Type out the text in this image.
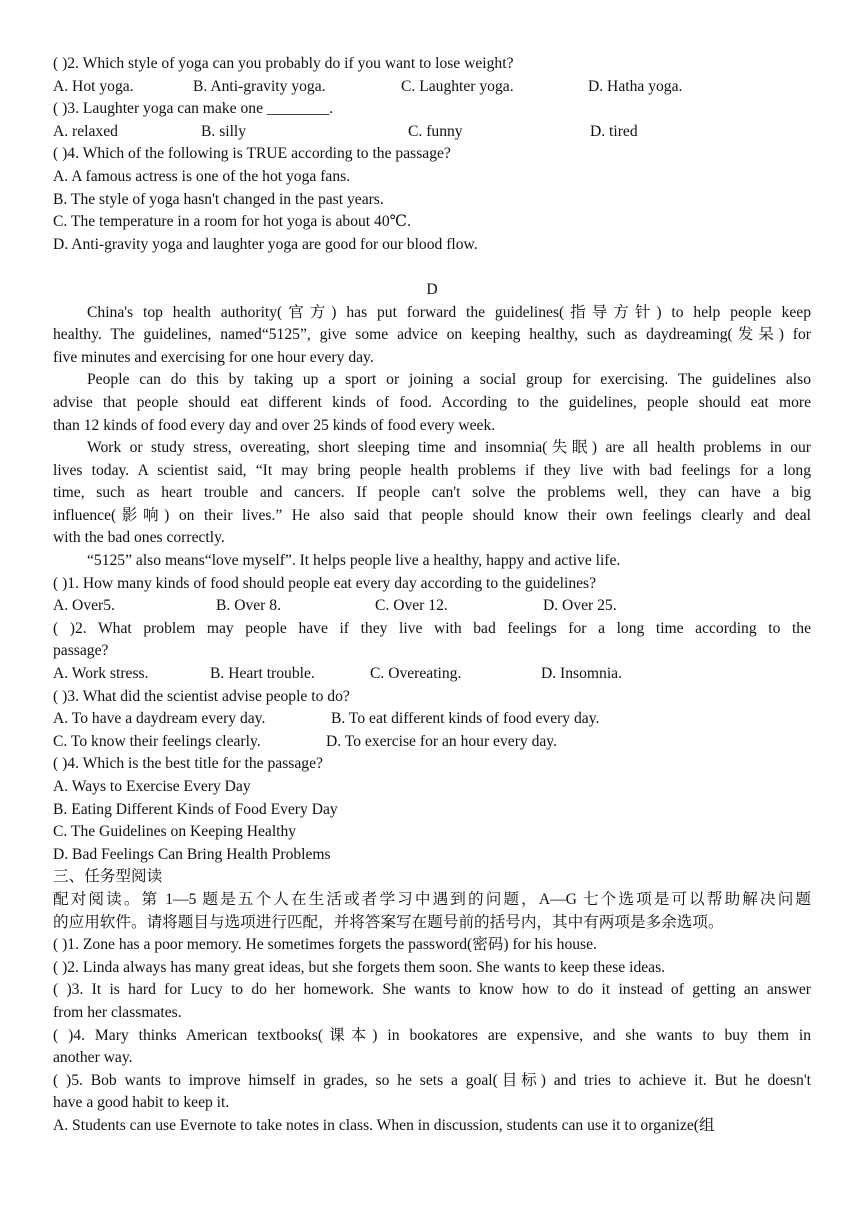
( )2. Which style of yoga can you probably do if you want to lose weight?
A. Hot yoga.	B. Anti-gravity yoga.	C. Laughter yoga.	D. Hatha yoga.
( )3. Laughter yoga can make one ________.
A. relaxed	B. silly	C. funny	D. tired
( )4. Which of the following is TRUE according to the passage?
A. A famous actress is one of the hot yoga fans.
B. The style of yoga hasn't changed in the past years.
C. The temperature in a room for hot yoga is about 40℃.
D. Anti-gravity yoga and laughter yoga are good for our blood flow.
D
China's top health authority(官方) has put forward the guidelines(指导方针) to help people keep
healthy. The guidelines, named“5125”, give some advice on keeping healthy, such as daydreaming(发呆) for
five minutes and exercising for one hour every day.
People can do this by taking up a sport or joining a social group for exercising. The guidelines also
advise that people should eat different kinds of food. According to the guidelines, people should eat more
than 12 kinds of food every day and over 25 kinds of food every week.
Work or study stress, overeating, short sleeping time and insomnia(失眠) are all health problems in our
lives today. A scientist said, “It may bring people health problems if they live with bad feelings for a long
time, such as heart trouble and cancers. If people can't solve the problems well, they can have a big
influence(影响) on their lives.” He also said that people should know their own feelings clearly and deal
with the bad ones correctly.
“5125” also means“love myself”. It helps people live a healthy, happy and active life.
( )1. How many kinds of food should people eat every day according to the guidelines?
A. Over5.	B. Over 8.	C. Over 12.	D. Over 25.
( )2. What problem may people have if they live with bad feelings for a long time according to the
passage?
A. Work stress.	B. Heart trouble.	C. Overeating.	D. Insomnia.
( )3. What did the scientist advise people to do?
A. To have a daydream every day.	B. To eat different kinds of food every day.
C. To know their feelings clearly.	D. To exercise for an hour every day.
( )4. Which is the best title for the passage?
A. Ways to Exercise Every Day
B. Eating Different Kinds of Food Every Day
C. The Guidelines on Keeping Healthy
D. Bad Feelings Can Bring Health Problems
三、任务型阅读
配对阅读。第 1—5 题是五个人在生活或者学习中遇到的问题，A—G 七个选项是可以帮助解决问题
的应用软件。请将题目与选项进行匹配，并将答案写在题号前的括号内，其中有两项是多余选项。
( )1. Zone has a poor memory. He sometimes forgets the password(密码) for his house.
( )2. Linda always has many great ideas, but she forgets them soon. She wants to keep these ideas.
( )3. It is hard for Lucy to do her homework. She wants to know how to do it instead of getting an answer
from her classmates.
( )4. Mary thinks American textbooks(课本) in bookatores are expensive, and she wants to buy them in
another way.
( )5. Bob wants to improve himself in grades, so he sets a goal(目标) and tries to achieve it. But he doesn't
have a good habit to keep it.
A. Students can use Evernote to take notes in class. When in discussion, students can use it to organize(组
